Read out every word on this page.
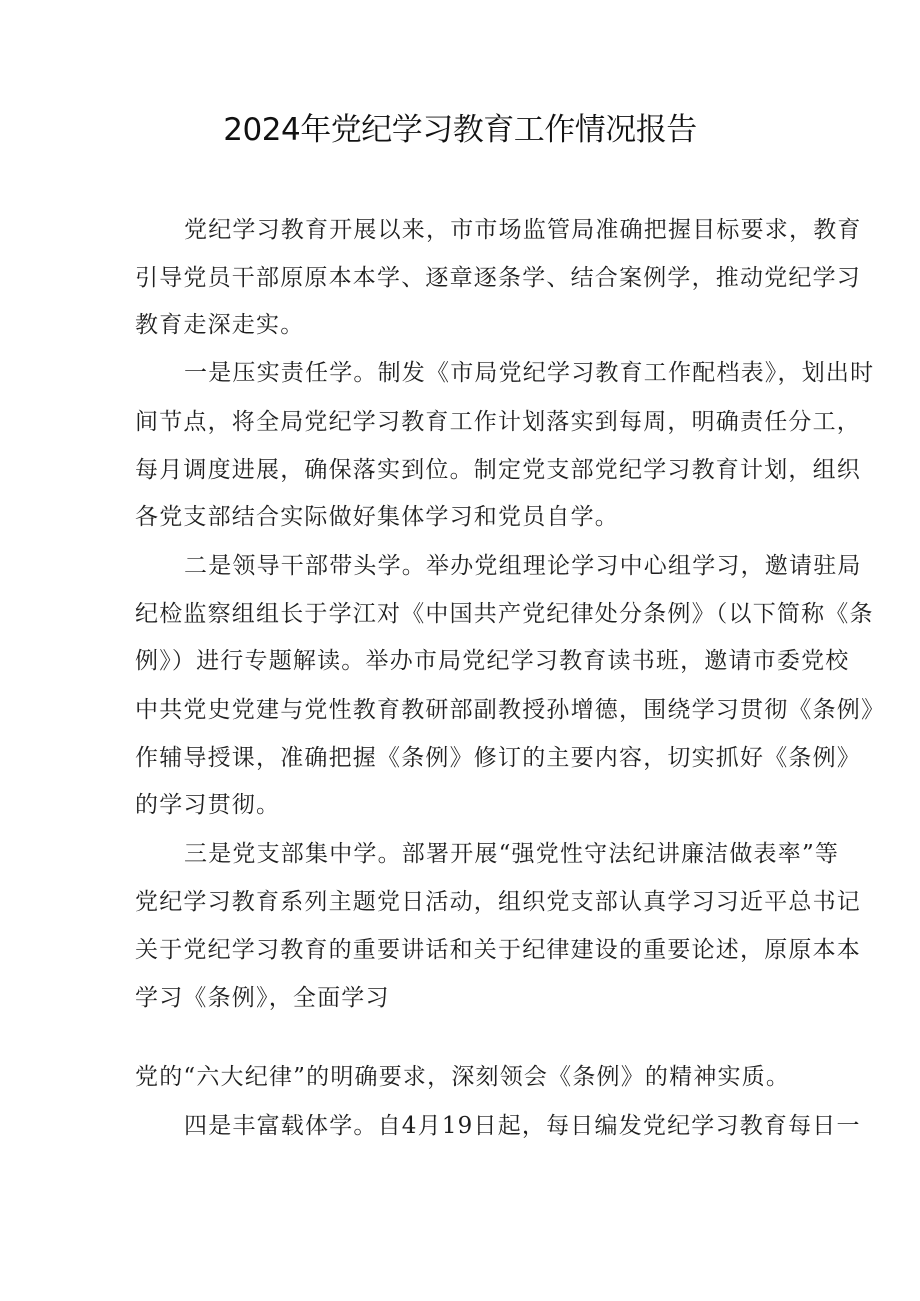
2024年党纪学习教育工作情况报告
党纪学习教育开展以来，市市场监管局准确把握目标要求，教育
引导党员干部原原本本学、逐章逐条学、结合案例学，推动党纪学习
教育走深走实。
一是压实责任学。制发《市局党纪学习教育工作配档表》，划出时
间节点，将全局党纪学习教育工作计划落实到每周，明确责任分工，
每月调度进展，确保落实到位。制定党支部党纪学习教育计划，组织
各党支部结合实际做好集体学习和党员自学。
二是领导干部带头学。举办党组理论学习中心组学习，邀请驻局
纪检监察组组长于学江对《中国共产党纪律处分条例》（以下简称《条
例》）进行专题解读。举办市局党纪学习教育读书班，邀请市委党校
中共党史党建与党性教育教研部副教授孙增德，围绕学习贯彻《条例》
作辅导授课，准确把握《条例》修订的主要内容，切实抓好《条例》
的学习贯彻。
三是党支部集中学。部署开展“强党性守法纪讲廉洁做表率”等
党纪学习教育系列主题党日活动，组织党支部认真学习习近平总书记
关于党纪学习教育的重要讲话和关于纪律建设的重要论述，原原本本
学习《条例》，全面学习
党的“六大纪律”的明确要求，深刻领会《条例》的精神实质。
四是丰富载体学。自4月19日起，每日编发党纪学习教育每日一
